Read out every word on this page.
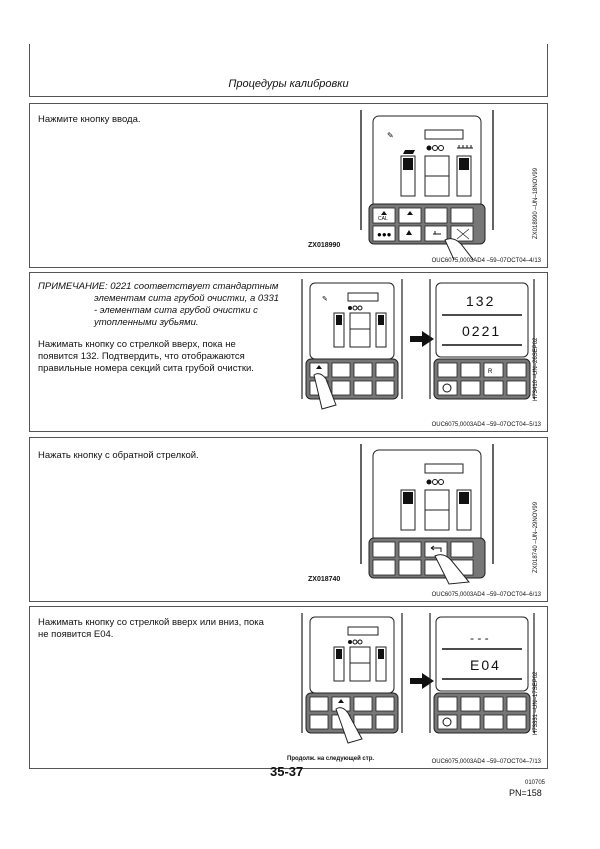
Процедуры калибровки
Нажмите кнопку ввода.
✎
CAL
●●●
ZX018990
ZX018990 –UN–18NOV99
OUC6075,0003AD4 –59–07OCT04–4/13
ПРИМЕЧАНИЕ: 0221 соответствует стандартным
элементам сита грубой очистки, а 0331
- элементам сита грубой очистки с
утопленными зубьями.
Нажимать кнопку со стрелкой вверх, пока не
появится 132. Подтвердить, что отображаются
правильные номера секций сита грубой очистки.
✎
R
132
0221
H73410 –UN–26SEP02
OUC6075,0003AD4 –59–07OCT04–5/13
Нажать кнопку с обратной стрелкой.
ZX018740
ZX018740 –UN–29NOV99
OUC6075,0003AD4 –59–07OCT04–6/13
Нажимать кнопку со стрелкой вверх или вниз, пока
не появится E04.	- - -
E04
H73331 –UN–17SEP02
OUC6075,0003AD4 –59–07OCT04–7/13
Продолж. на следующей стр.
35-37
010705
PN=158
